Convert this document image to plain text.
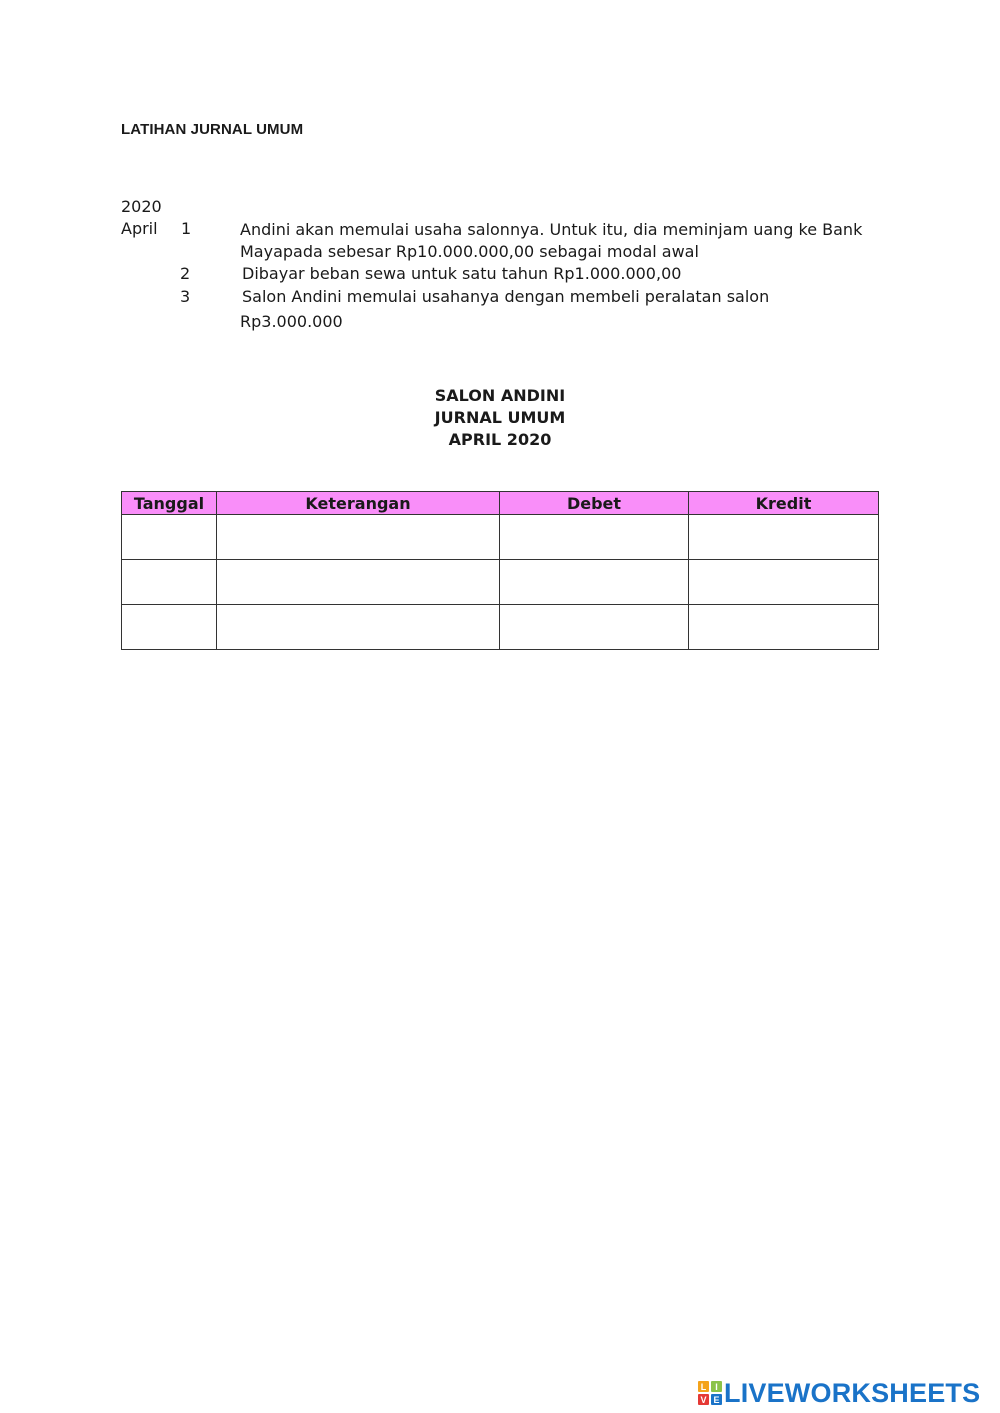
LATIHAN JURNAL UMUM
2020
April 1	Andini akan memulai usaha salonnya. Untuk itu, dia meminjam uang ke Bank
Mayapada sebesar Rp10.000.000,00 sebagai modal awal
2	Dibayar beban sewa untuk satu tahun Rp1.000.000,00
3	Salon Andini memulai usahanya dengan membeli peralatan salon
Rp3.000.000
SALON ANDINI
JURNAL UMUM
APRIL 2020
Tanggal	Keterangan	Debet	Kredit

L I
V E LIVEWORKSHEETS
